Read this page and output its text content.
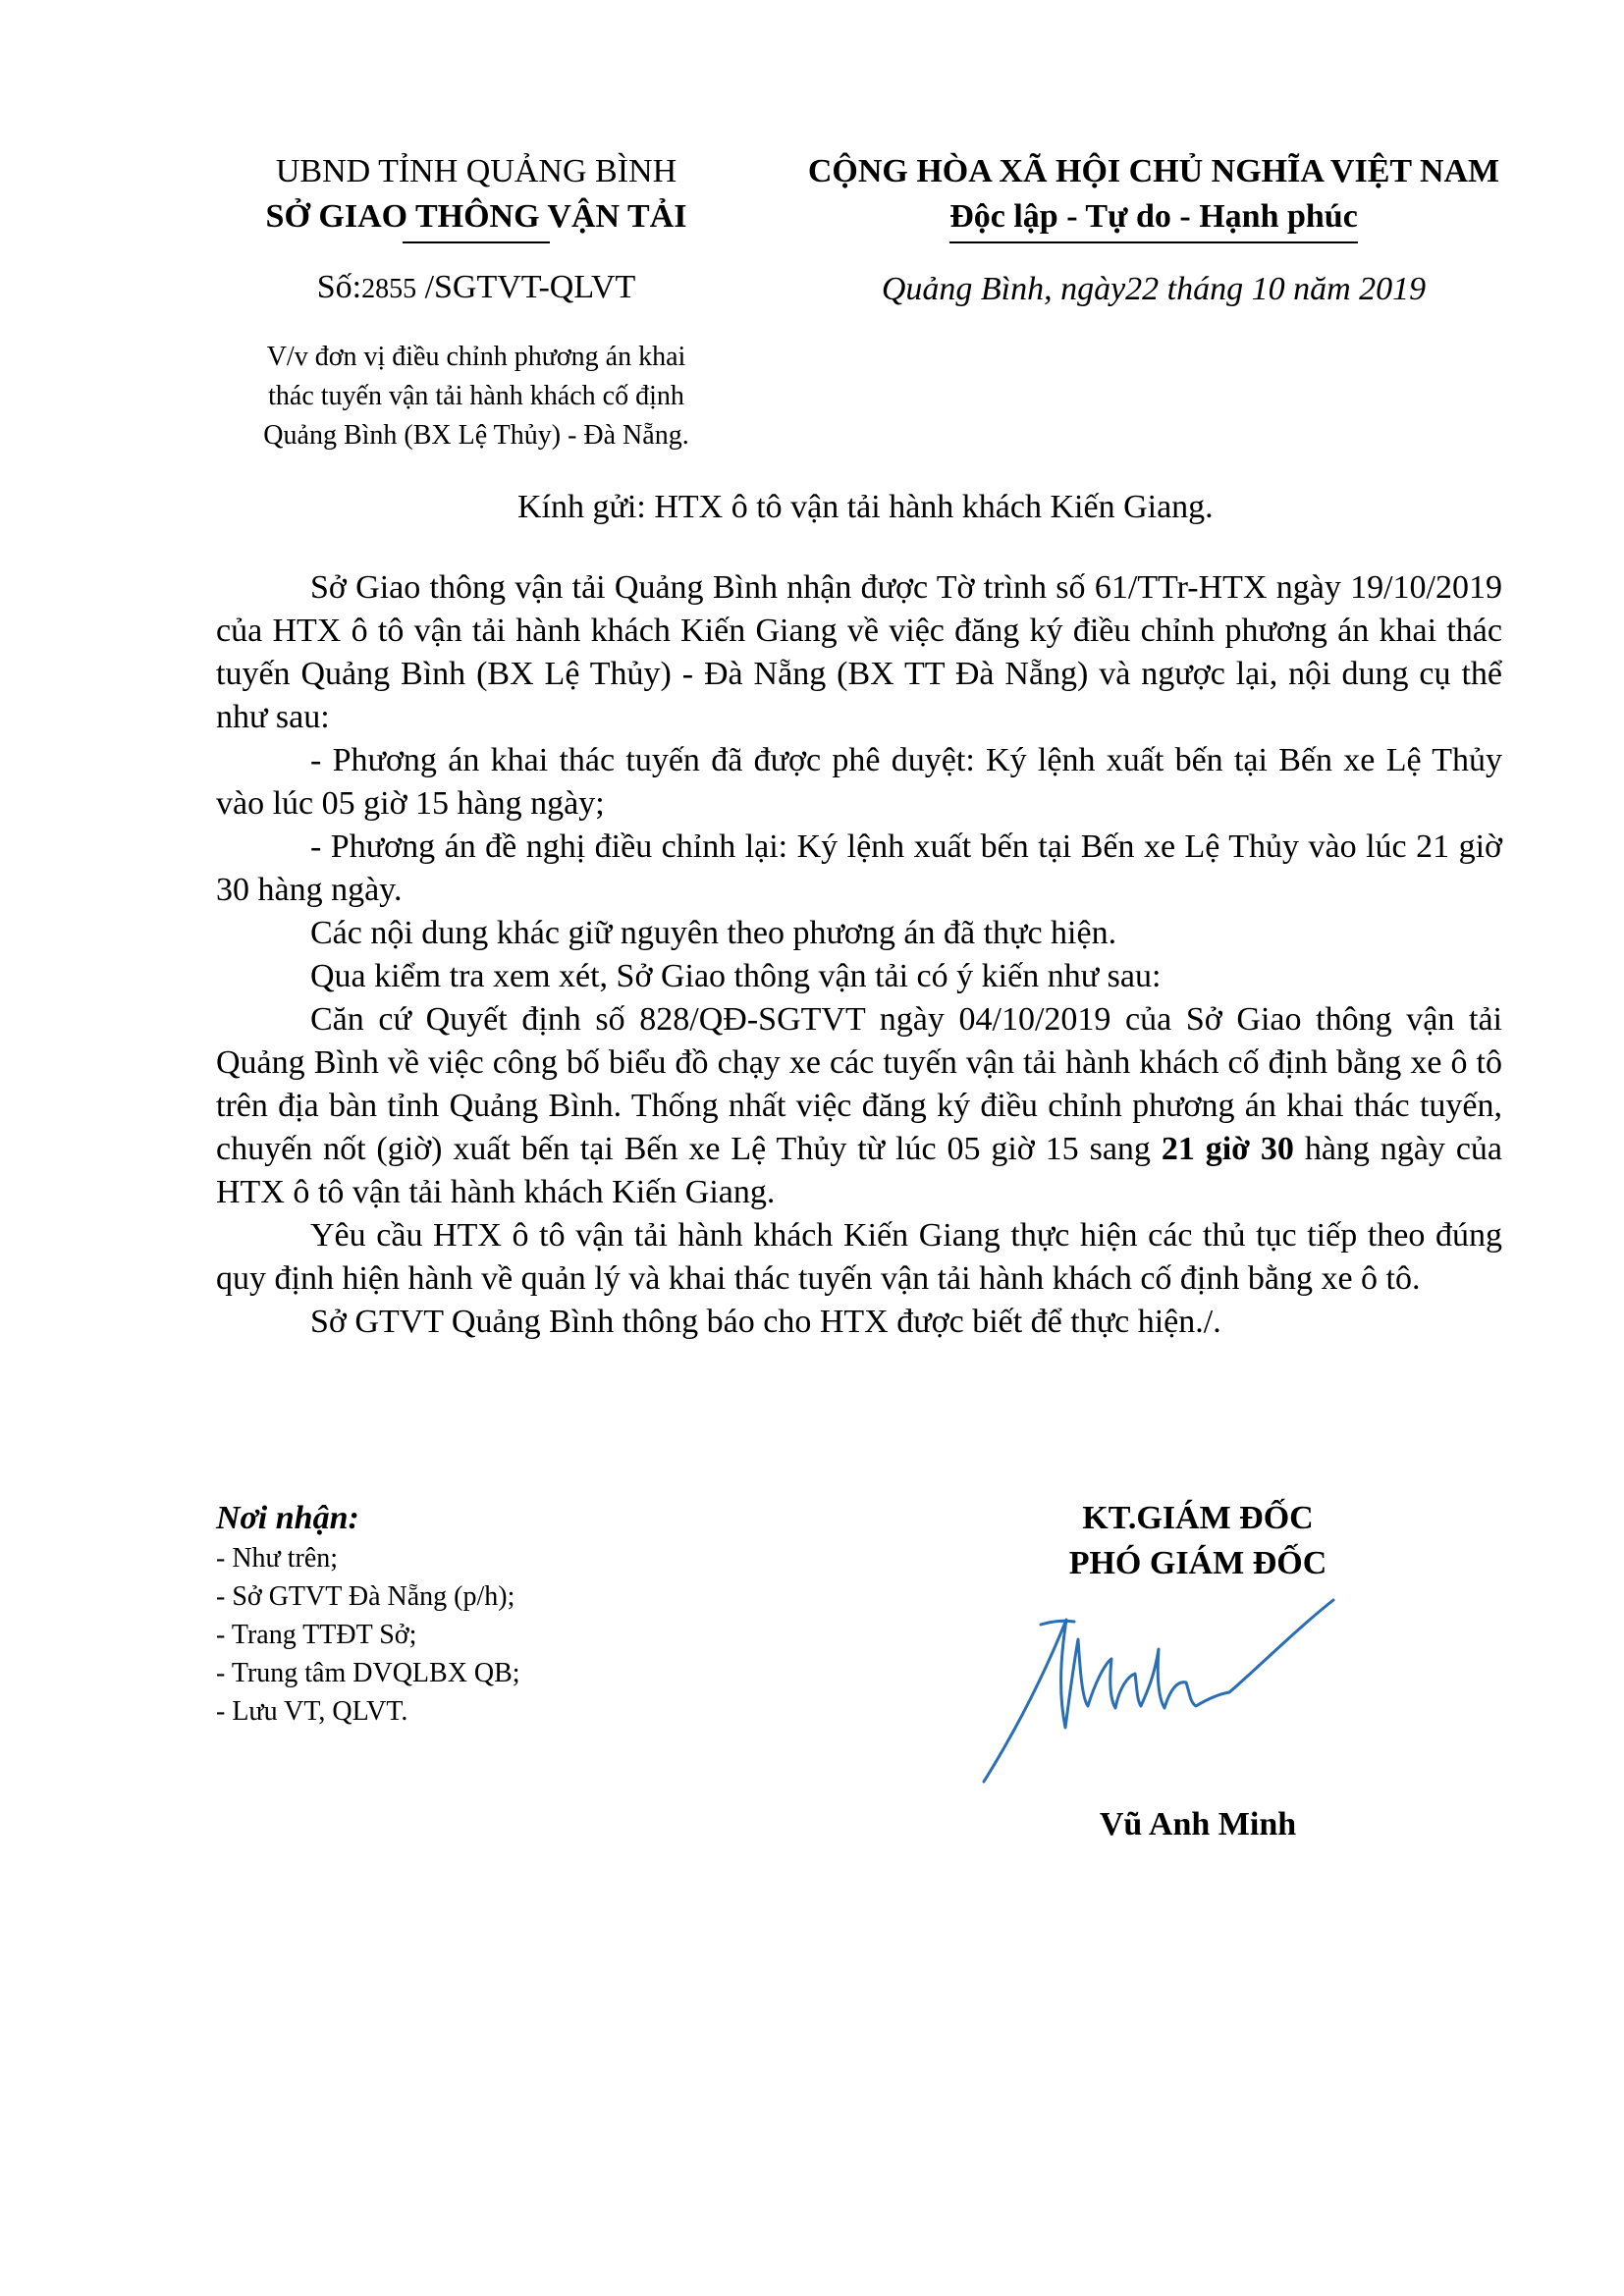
UBND TỈNH QUẢNG BÌNH
SỞ GIAO THÔNG VẬN TẢI
Số:2855 /SGTVT-QLVT
V/v đơn vị điều chỉnh phương án khai
thác tuyến vận tải hành khách cố định
Quảng Bình (BX Lệ Thủy) - Đà Nẵng.
CỘNG HÒA XÃ HỘI CHỦ NGHĨA VIỆT NAM
Độc lập - Tự do - Hạnh phúc
Quảng Bình, ngày22 tháng 10 năm 2019
Kính gửi: HTX ô tô vận tải hành khách Kiến Giang.
Sở Giao thông vận tải Quảng Bình nhận được Tờ trình số 61/TTr-HTX ngày 19/10/2019 của HTX ô tô vận tải hành khách Kiến Giang về việc đăng ký điều chỉnh phương án khai thác tuyến Quảng Bình (BX Lệ Thủy) - Đà Nẵng (BX TT Đà Nẵng) và ngược lại, nội dung cụ thể như sau:
- Phương án khai thác tuyến đã được phê duyệt: Ký lệnh xuất bến tại Bến xe Lệ Thủy vào lúc 05 giờ 15 hàng ngày;
- Phương án đề nghị điều chỉnh lại: Ký lệnh xuất bến tại Bến xe Lệ Thủy vào lúc 21 giờ 30 hàng ngày.
Các nội dung khác giữ nguyên theo phương án đã thực hiện.
Qua kiểm tra xem xét, Sở Giao thông vận tải có ý kiến như sau:
Căn cứ Quyết định số 828/QĐ-SGTVT ngày 04/10/2019 của Sở Giao thông vận tải Quảng Bình về việc công bố biểu đồ chạy xe các tuyến vận tải hành khách cố định bằng xe ô tô trên địa bàn tỉnh Quảng Bình. Thống nhất việc đăng ký điều chỉnh phương án khai thác tuyến, chuyến nốt (giờ) xuất bến tại Bến xe Lệ Thủy từ lúc 05 giờ 15 sang 21 giờ 30 hàng ngày của HTX ô tô vận tải hành khách Kiến Giang.
Yêu cầu HTX ô tô vận tải hành khách Kiến Giang thực hiện các thủ tục tiếp theo đúng quy định hiện hành về quản lý và khai thác tuyến vận tải hành khách cố định bằng xe ô tô.
Sở GTVT Quảng Bình thông báo cho HTX được biết để thực hiện./.
Nơi nhận:
- Như trên;
- Sở GTVT Đà Nẵng (p/h);
- Trang TTĐT Sở;
- Trung tâm DVQLBX QB;
- Lưu VT, QLVT.
KT.GIÁM ĐỐC
PHÓ GIÁM ĐỐC
Vũ Anh Minh
